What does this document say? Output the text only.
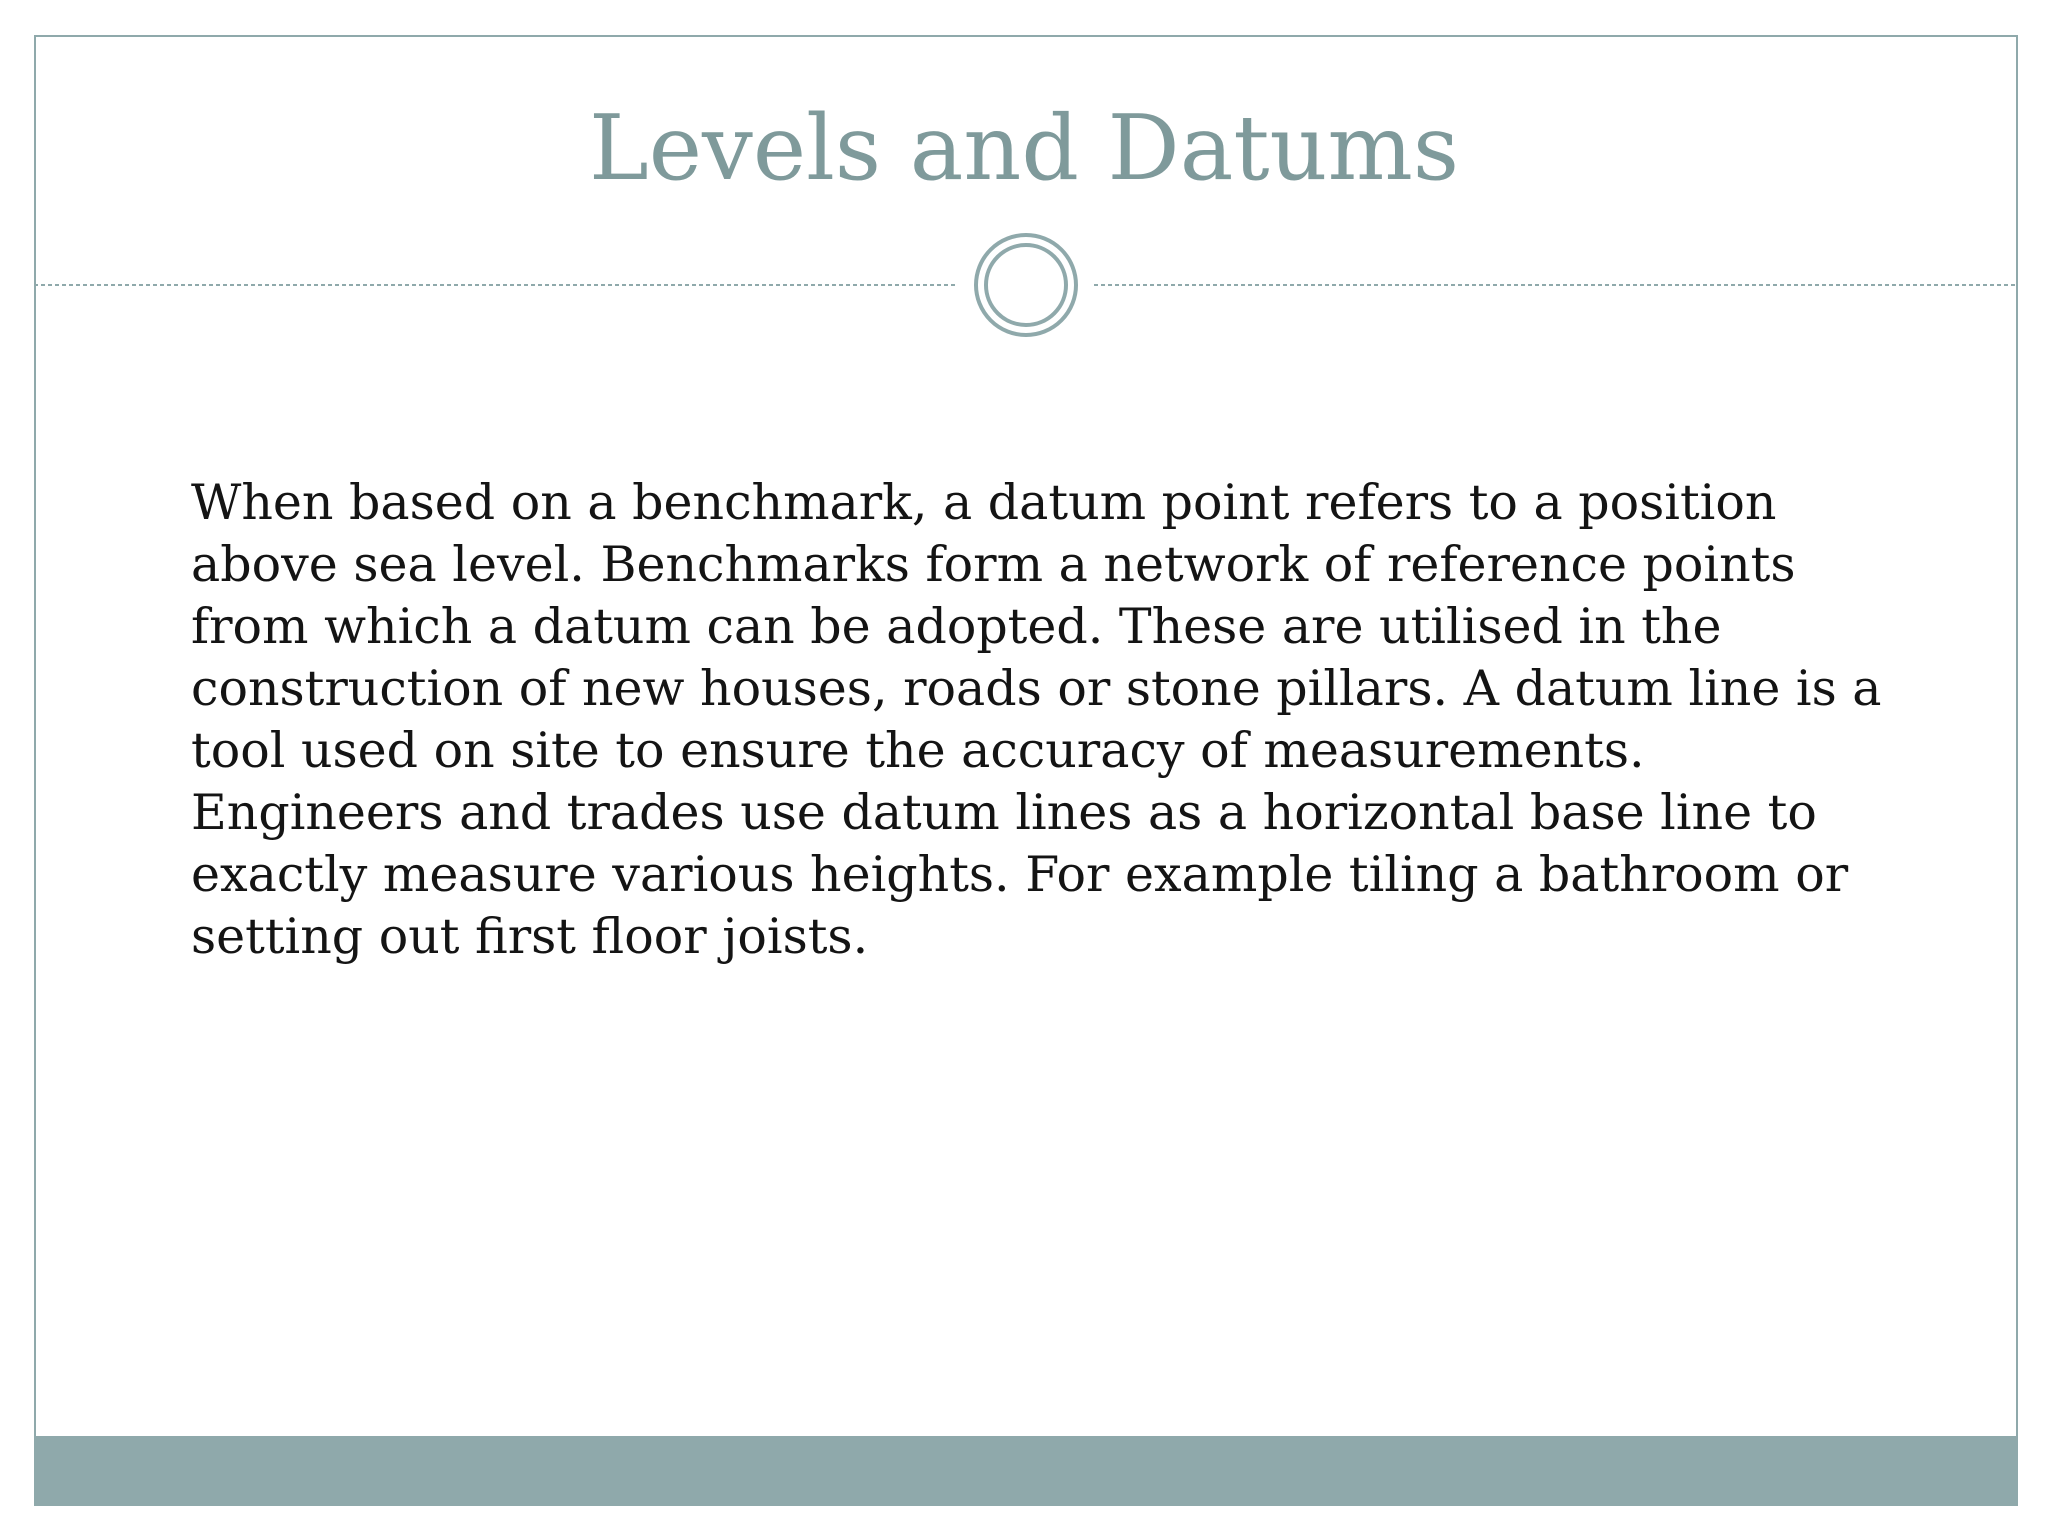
Levels and Datums

When based on a benchmark, a datum point refers to a position above sea level. Benchmarks form a network of reference points from which a datum can be adopted. These are utilised in the construction of new houses, roads or stone pillars. A datum line is a tool used on site to ensure the accuracy of measurements. Engineers and trades use datum lines as a horizontal base line to exactly measure various heights. For example tiling a bathroom or setting out first floor joists.
